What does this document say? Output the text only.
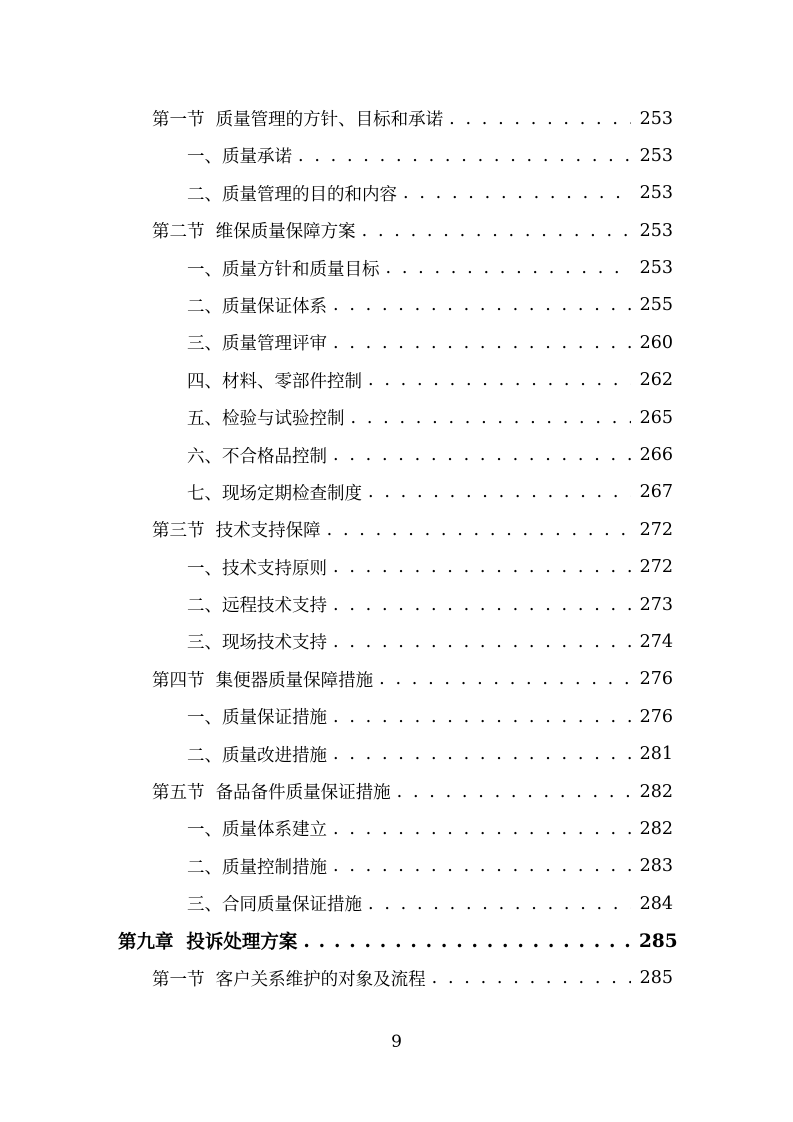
第一节  质量管理的方针、目标和承诺 . . .	253
一、质量承诺 . . .	253
二、质量管理的目的和内容 . . .	253
第二节  维保质量保障方案 . . .	253
一、质量方针和质量目标 . . .	253
二、质量保证体系 . . .	255
三、质量管理评审 . . .	260
四、材料、零部件控制 . . .	262
五、检验与试验控制 . . .	265
六、不合格品控制 . . .	266
七、现场定期检查制度 . . .	267
第三节  技术支持保障 . . .	272
一、技术支持原则 . . .	272
二、远程技术支持 . . .	273
三、现场技术支持 . . .	274
第四节  集便器质量保障措施 . . .	276
一、质量保证措施 . . .	276
二、质量改进措施 . . .	281
第五节  备品备件质量保证措施 . . .	282
一、质量体系建立 . . .	282
二、质量控制措施 . . .	283
三、合同质量保证措施 . . .	284
第九章  投诉处理方案 . . .	285
第一节  客户关系维护的对象及流程 . . .	285
9
